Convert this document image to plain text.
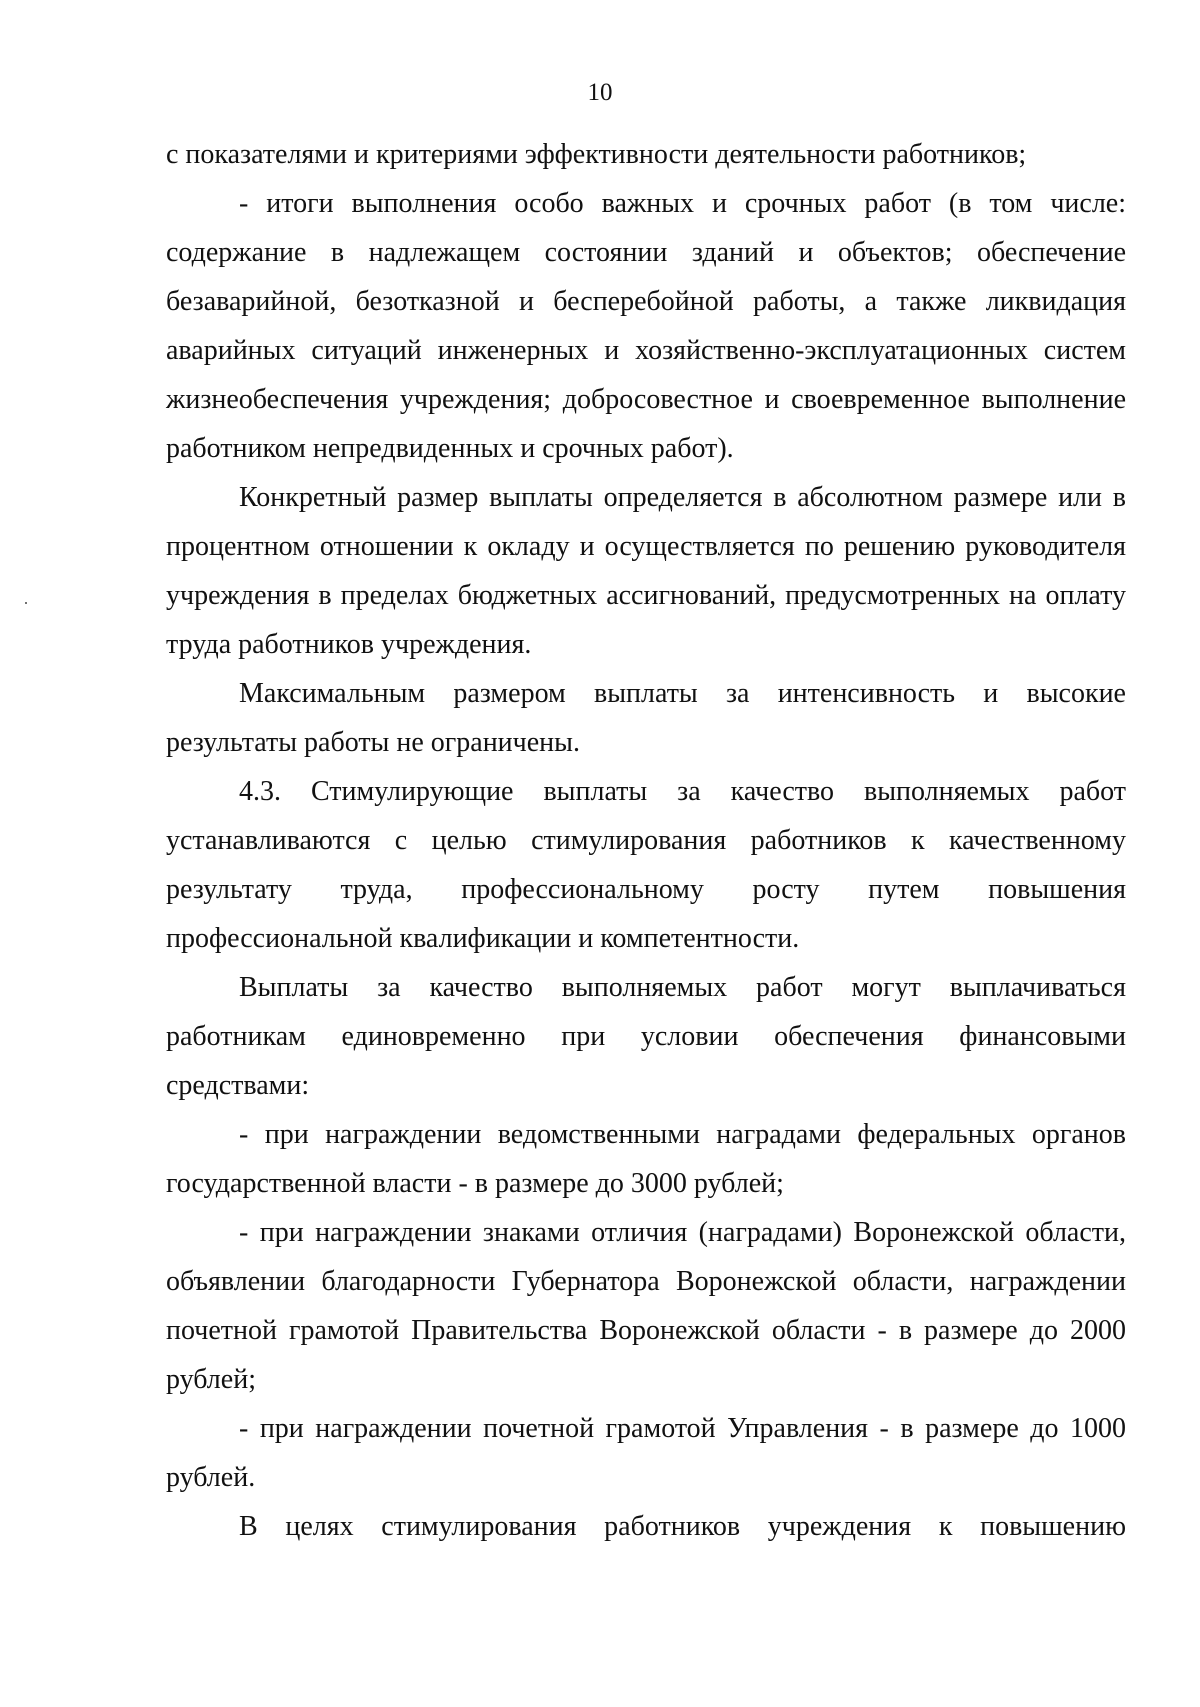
10

с показателями и критериями эффективности деятельности работников;

- итоги выполнения особо важных и срочных работ (в том числе: содержание в надлежащем состоянии зданий и объектов; обеспечение безаварийной, безотказной и бесперебойной работы, а также ликвидация аварийных ситуаций инженерных и хозяйственно-эксплуатационных систем жизнеобеспечения учреждения; добросовестное и своевременное выполнение работником непредвиденных и срочных работ).

Конкретный размер выплаты определяется в абсолютном размере или в процентном отношении к окладу и осуществляется по решению руководителя учреждения в пределах бюджетных ассигнований, предусмотренных на оплату труда работников учреждения.

Максимальным размером выплаты за интенсивность и высокие результаты работы не ограничены.

4.3. Стимулирующие выплаты за качество выполняемых работ устанавливаются с целью стимулирования работников к качественному результату труда, профессиональному росту путем повышения профессиональной квалификации и компетентности.

Выплаты за качество выполняемых работ могут выплачиваться работникам единовременно при условии обеспечения финансовыми средствами:

- при награждении ведомственными наградами федеральных органов государственной власти - в размере до 3000 рублей;

- при награждении знаками отличия (наградами) Воронежской области, объявлении благодарности Губернатора Воронежской области, награждении почетной грамотой Правительства Воронежской области - в размере до 2000 рублей;

- при награждении почетной грамотой Управления - в размере до 1000 рублей.

В целях стимулирования работников учреждения к повышению
